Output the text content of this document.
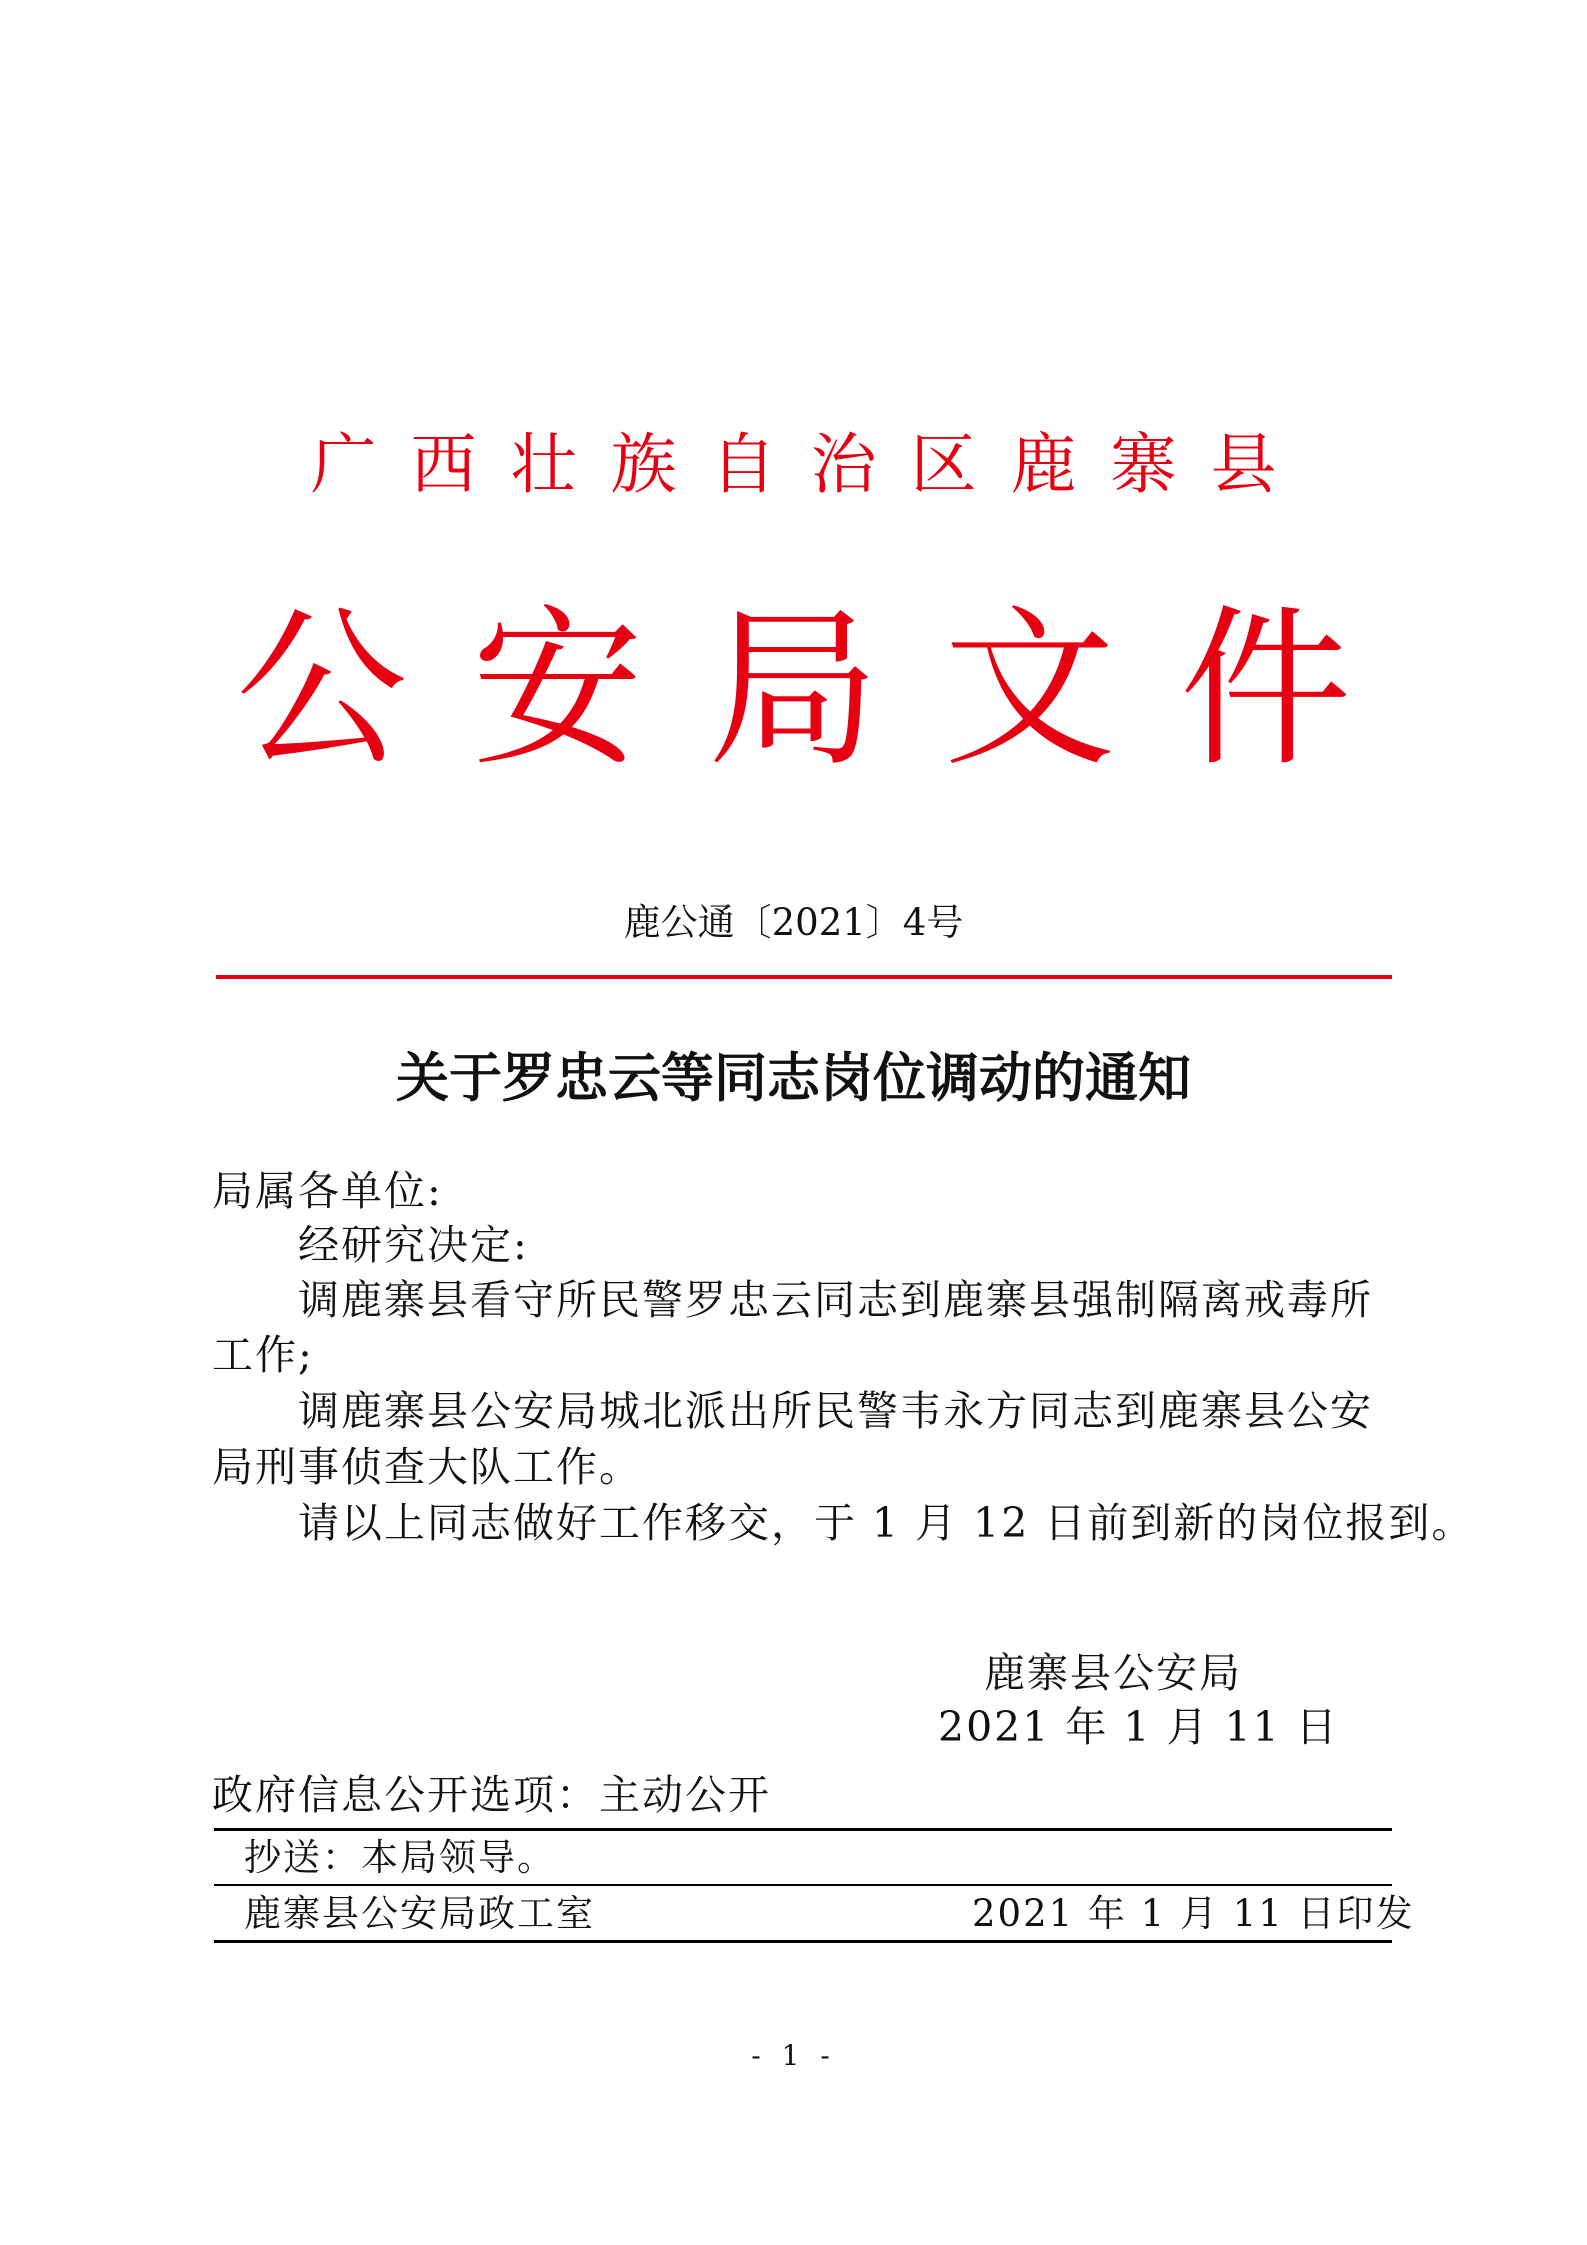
广西壮族自治区鹿寨县
公安局文件
鹿公通〔2021〕4号
关于罗忠云等同志岗位调动的通知
局属各单位:
经研究决定:
调鹿寨县看守所民警罗忠云同志到鹿寨县强制隔离戒毒所
工作;
调鹿寨县公安局城北派出所民警韦永方同志到鹿寨县公安
局刑事侦查大队工作。
请以上同志做好工作移交，于 1 月 12 日前到新的岗位报到。
鹿寨县公安局
2021 年 1 月 11 日
政府信息公开选项：主动公开
抄送：本局领导。
鹿寨县公安局政工室	2021 年 1 月 11 日印发
- 1 -
